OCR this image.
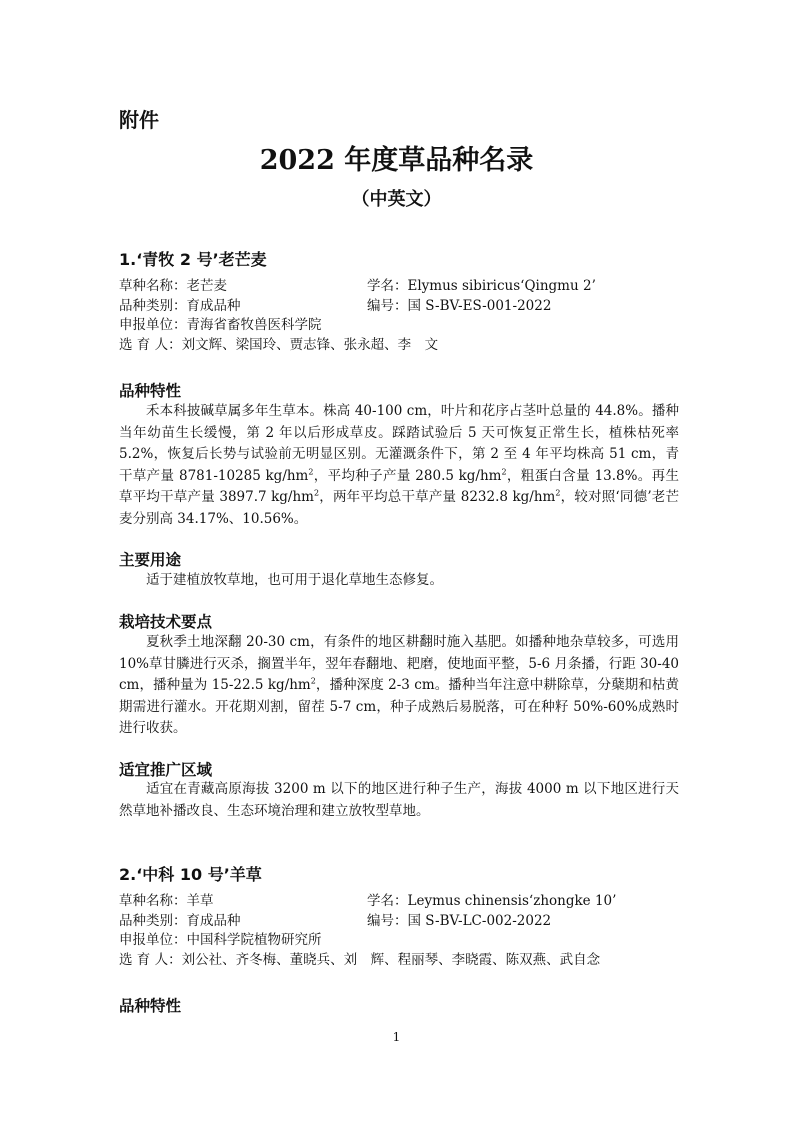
附件
2022 年度草品种名录
（中英文）
1.‘青牧 2 号’老芒麦
草种名称：老芒麦	学名：Elymus sibiricus‘Qingmu 2’
品种类别：育成品种	编号：国 S-BV-ES-001-2022
申报单位：青海省畜牧兽医科学院
选 育 人：刘文辉、梁国玲、贾志锋、张永超、李　文
品种特性

禾本科披碱草属多年生草本。株高 40-100 cm，叶片和花序占茎叶总量的 44.8%。播种当年幼苗生长缓慢，第 2 年以后形成草皮。踩踏试验后 5 天可恢复正常生长，植株枯死率 5.2%，恢复后长势与试验前无明显区别。无灌溉条件下，第 2 至 4 年平均株高 51 cm，青干草产量 8781-10285 $kg/hm^2$，平均种子产量 280.5 $kg/hm^2$，粗蛋白含量 13.8%。再生草平均干草产量 3897.7 $kg/hm^2$，两年平均总干草产量 8232.8 $kg/hm^2$，较对照‘同德’老芒麦分别高 34.17%、10.56%。

主要用途

适于建植放牧草地，也可用于退化草地生态修复。

栽培技术要点

夏秋季土地深翻 20-30 cm，有条件的地区耕翻时施入基肥。如播种地杂草较多，可选用 10%草甘膦进行灭杀，搁置半年，翌年春翻地、耙磨，使地面平整，5-6 月条播，行距 30-40 cm，播种量为 15-22.5 $kg/hm^2$，播种深度 2-3 cm。播种当年注意中耕除草，分蘖期和枯黄期需进行灌水。开花期刈割，留茬 5-7 cm，种子成熟后易脱落，可在种籽 50%-60%成熟时进行收获。

适宜推广区域

适宜在青藏高原海拔 3200 m 以下的地区进行种子生产，海拔 4000 m 以下地区进行天然草地补播改良、生态环境治理和建立放牧型草地。

2.‘中科 10 号’羊草
草种名称：羊草	学名：Leymus chinensis‘zhongke 10’
品种类别：育成品种	编号：国 S-BV-LC-002-2022
申报单位：中国科学院植物研究所
选 育 人：刘公社、齐冬梅、董晓兵、刘　辉、程丽琴、李晓霞、陈双燕、武自念
品种特性
1
